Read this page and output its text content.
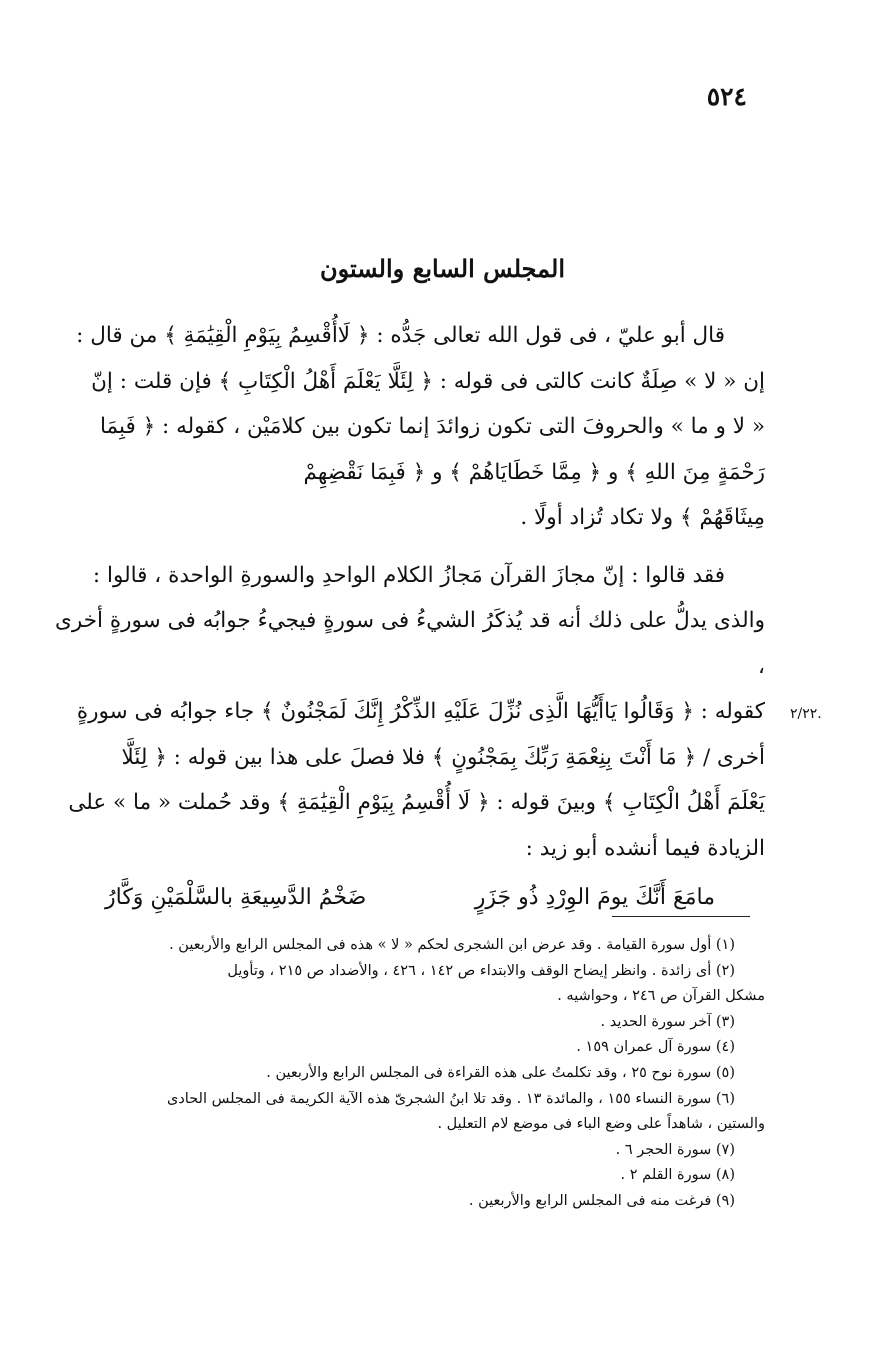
٥٢٤
المجلس السابع والستون
.٢/٢٢

قال أبو عليّ ، فى قول الله تعالى جَدُّه : ﴿ لَاأُقْسِمُ بِيَوْمِ الْقِيَٰمَةِ ﴾ من قال :

إن « لا » صِلَةٌ كانت كالتى فى قوله : ﴿ لِئَلَّا يَعْلَمَ أَهْلُ الْكِتَابِ ﴾ فإن قلت : إنّ

« لا و ما » والحروفَ التى تكون زوائدَ إنما تكون بين كلامَيْن ، كقوله : ﴿ فَبِمَا

رَحْمَةٍ مِنَ اللهِ ﴾ و ﴿ مِمَّا خَطَايَاهُمْ ﴾ و ﴿ فَبِمَا نَقْضِهِمْ

مِيثَاقَهُمْ ﴾ ولا تكاد تُزاد أولًا .

فقد قالوا : إنّ مجازَ القرآن مَجازُ الكلام الواحدِ والسورةِ الواحدة ، قالوا :

والذى يدلُّ على ذلك أنه قد يُذكَرُ الشيءُ فى سورةٍ فيجيءُ جوابُه فى سورةٍ أخرى ،

كقوله : ﴿ وَقَالُوا يَاأَيُّهَا الَّذِى نُزِّلَ عَلَيْهِ الذِّكْرُ إِنَّكَ لَمَجْنُونٌ ﴾ جاء جوابُه فى سورةٍ

أخرى / ﴿ مَا أَنْتَ بِنِعْمَةِ رَبِّكَ بِمَجْنُونٍ ﴾ فلا فصلَ على هذا بين قوله : ﴿ لِئَلَّا

يَعْلَمَ أَهْلُ الْكِتَابِ ﴾ وبينَ قوله : ﴿ لَا أُقْسِمُ بِيَوْمِ الْقِيَٰمَةِ ﴾ وقد حُملت « ما » على

الزيادة فيما أنشده أبو زيد :

مامَعَ أَنَّكَ يومَ الوِرْدِ ذُو جَزَرٍ
ضَخْمُ الدَّسِيعَةِ بالسَّلْمَيْنِ وَكَّارُ

(١) أول سورة القيامة . وقد عرض ابن الشجرى لحكم « لا » هذه فى المجلس الرابع والأربعين .

(٢) أى زائدة . وانظر إيضاح الوقف والابتداء ص ١٤٢ ، ٤٢٦ ، والأضداد ص ٢١٥ ، وتأويل

مشكل القرآن ص ٢٤٦ ، وحواشيه .

(٣) آخر سورة الحديد .

(٤) سورة آل عمران ١٥٩ .

(٥) سورة نوح ٢٥ ، وقد تكلمتُ على هذه القراءة فى المجلس الرابع والأربعين .

(٦) سورة النساء ١٥٥ ، والمائدة ١٣ . وقد تلا ابنُ الشجرىّ هذه الآية الكريمة فى المجلس الحادى

والستين ، شاهداً على وضع الباء فى موضع لام التعليل .

(٧) سورة الحجر ٦ .

(٨) سورة القلم ٢ .

(٩) فرغت منه فى المجلس الرابع والأربعين .
